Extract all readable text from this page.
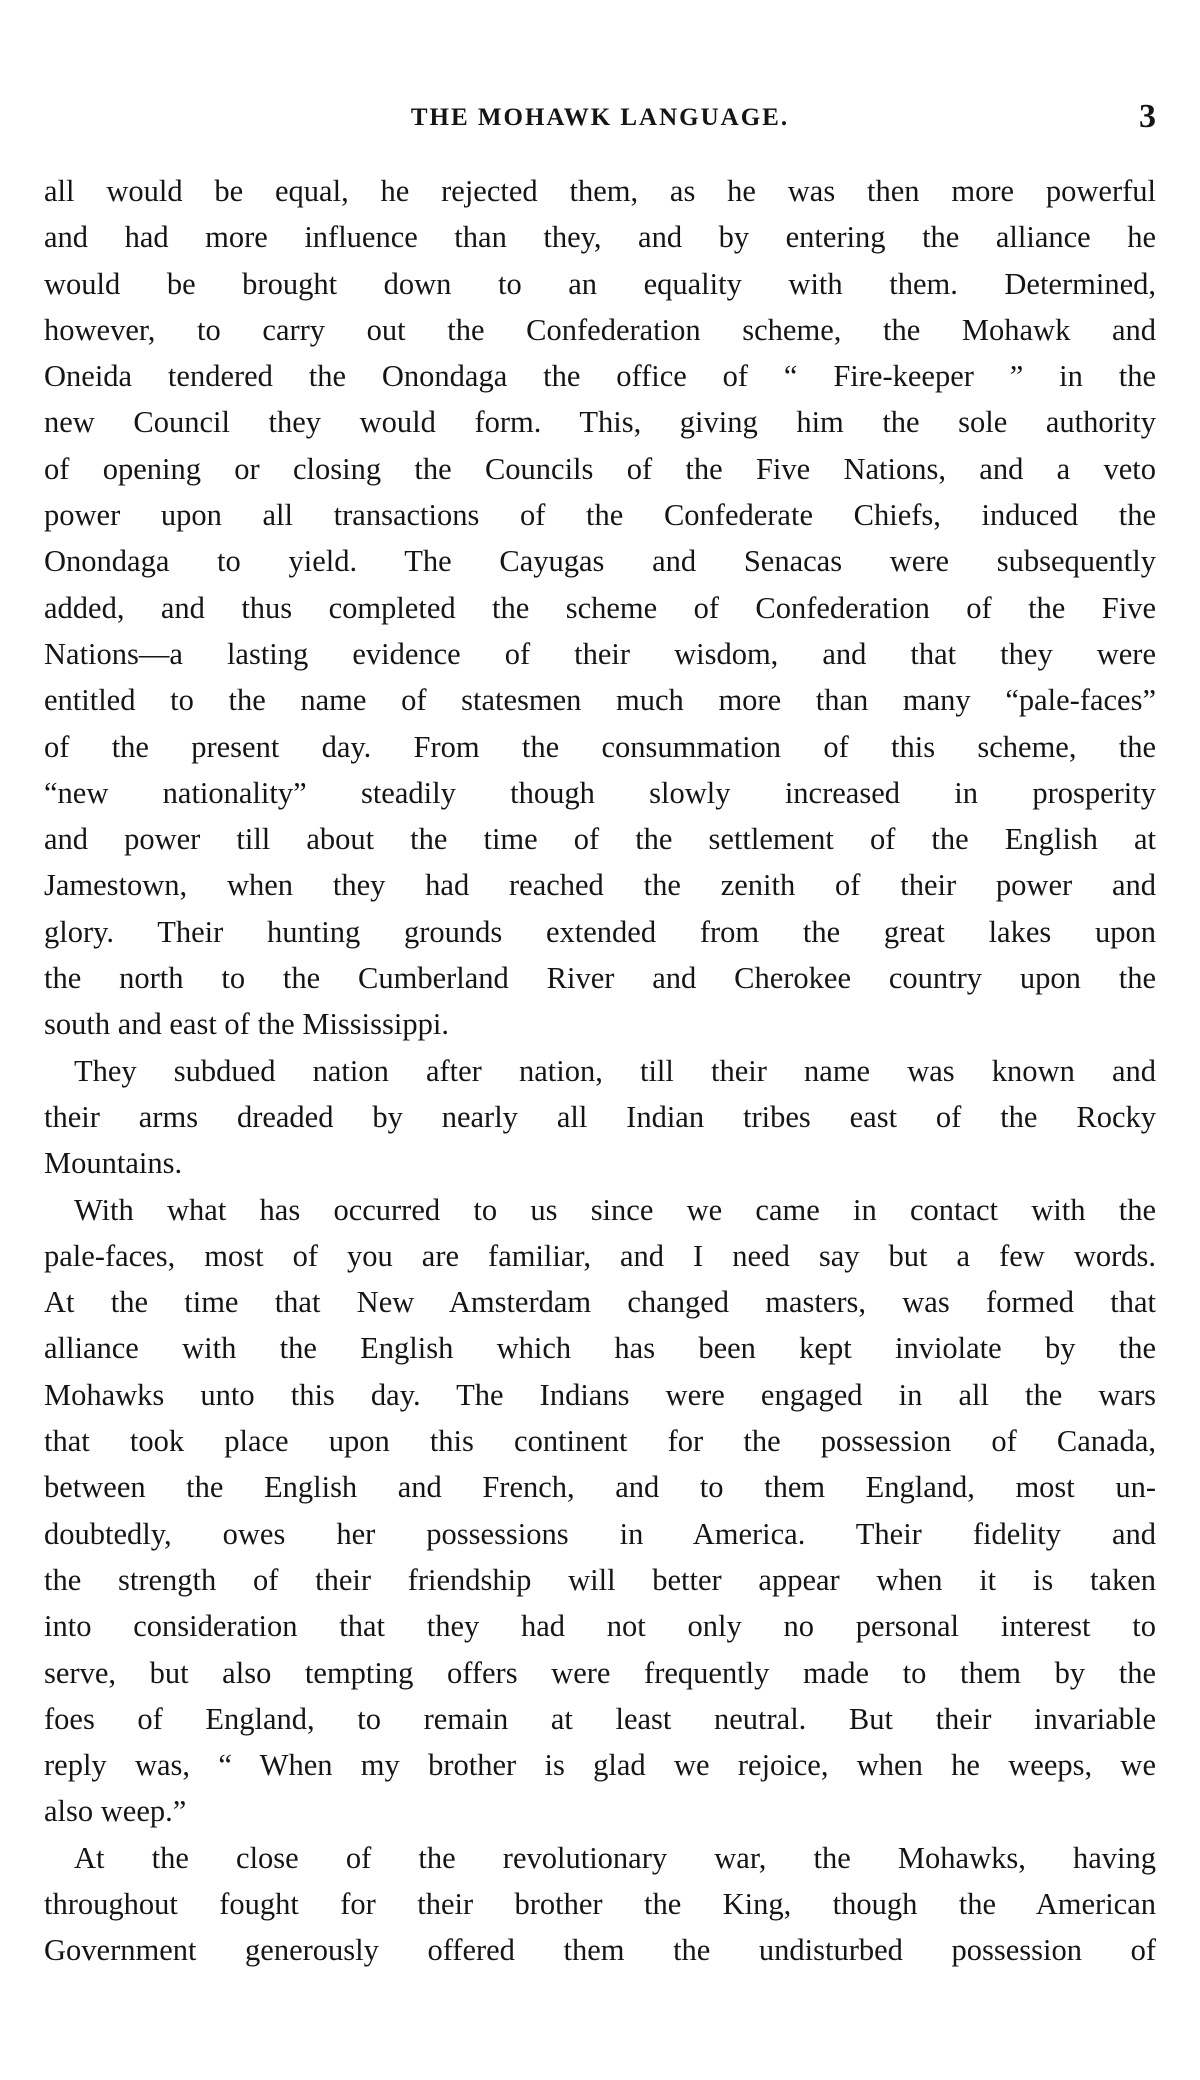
THE MOHAWK LANGUAGE.	3
all would be equal, he rejected them, as he was then more powerful
and had more influence than they, and by entering the alliance he
would be brought down to an equality with them. Determined,
however, to carry out the Confederation scheme, the Mohawk and
Oneida tendered the Onondaga the office of “ Fire-keeper ” in the
new Council they would form. This, giving him the sole authority
of opening or closing the Councils of the Five Nations, and a veto
power upon all transactions of the Confederate Chiefs, induced the
Onondaga to yield. The Cayugas and Senacas were subsequently
added, and thus completed the scheme of Confederation of the Five
Nations—a lasting evidence of their wisdom, and that they were
entitled to the name of statesmen much more than many “pale-faces”
of the present day. From the consummation of this scheme, the
“new nationality” steadily though slowly increased in prosperity
and power till about the time of the settlement of the English at
Jamestown, when they had reached the zenith of their power and
glory. Their hunting grounds extended from the great lakes upon
the north to the Cumberland River and Cherokee country upon the
south and east of the Mississippi.
They subdued nation after nation, till their name was known and
their arms dreaded by nearly all Indian tribes east of the Rocky
Mountains.
With what has occurred to us since we came in contact with the
pale-faces, most of you are familiar, and I need say but a few words.
At the time that New Amsterdam changed masters, was formed that
alliance with the English which has been kept inviolate by the
Mohawks unto this day. The Indians were engaged in all the wars
that took place upon this continent for the possession of Canada,
between the English and French, and to them England, most un-
doubtedly, owes her possessions in America. Their fidelity and
the strength of their friendship will better appear when it is taken
into consideration that they had not only no personal interest to
serve, but also tempting offers were frequently made to them by the
foes of England, to remain at least neutral. But their invariable
reply was, “ When my brother is glad we rejoice, when he weeps, we
also weep.”
At the close of the revolutionary war, the Mohawks, having
throughout fought for their brother the King, though the American
Government generously offered them the undisturbed possession of
